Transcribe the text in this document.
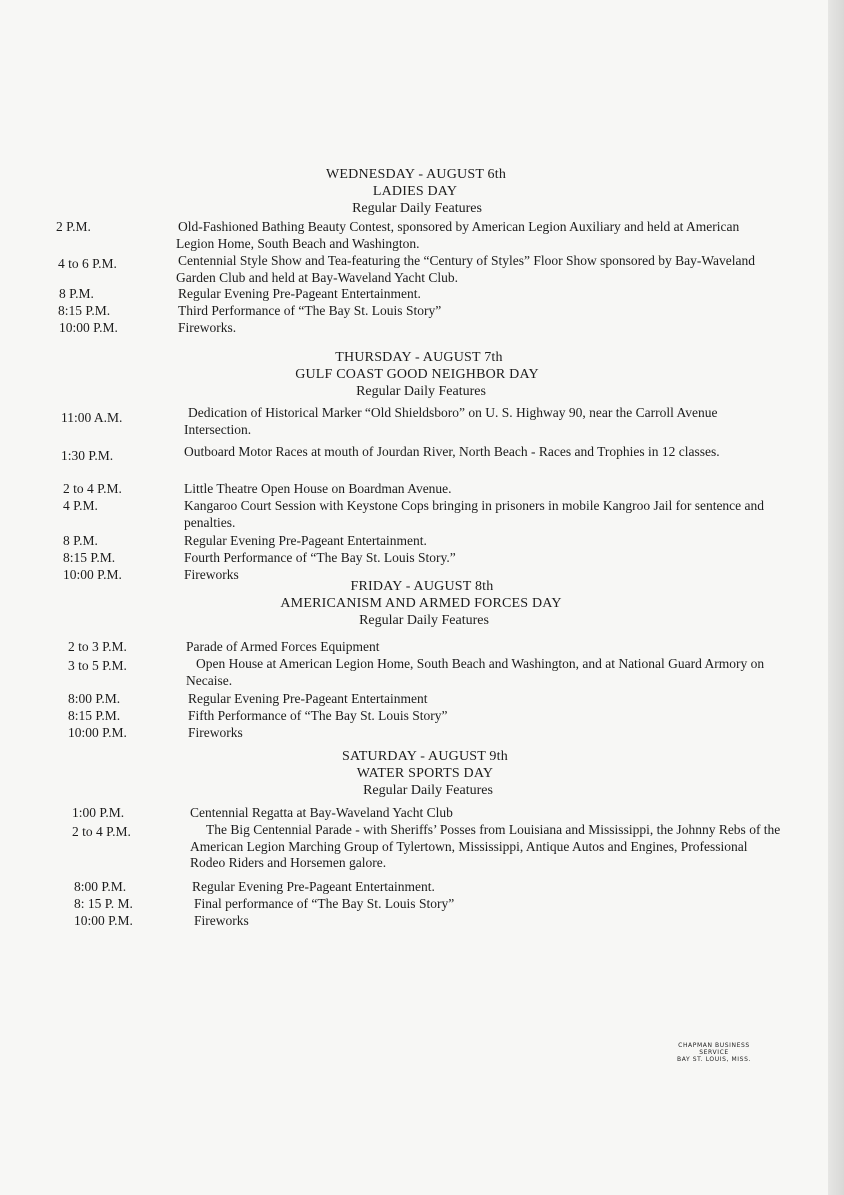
WEDNESDAY - AUGUST 6th
LADIES DAY
Regular Daily Features
2 P.M.	Old-Fashioned Bathing Beauty Contest, sponsored by American Legion Auxiliary and held at American Legion Home, South Beach and Washington.
4 to 6 P.M.	Centennial Style Show and Tea-featuring the “Century of Styles” Floor Show sponsored by Bay-Waveland Garden Club and held at Bay-Waveland Yacht Club.
8 P.M.	Regular Evening Pre-Pageant Entertainment.
8:15 P.M.	Third Performance of “The Bay St. Louis Story”
10:00 P.M.	Fireworks.
THURSDAY - AUGUST 7th
GULF COAST GOOD NEIGHBOR DAY
Regular Daily Features
11:00 A.M.	Dedication of Historical Marker “Old Shieldsboro” on U. S. Highway 90, near the Carroll Avenue Intersection.
1:30 P.M.	Outboard Motor Races at mouth of Jourdan River, North Beach - Races and Trophies in 12 classes.
2 to 4 P.M.	Little Theatre Open House on Boardman Avenue.
4 P.M.	Kangaroo Court Session with Keystone Cops bringing in prisoners in mobile Kangroo Jail for sentence and penalties.
8 P.M.	Regular Evening Pre-Pageant Entertainment.
8:15 P.M.	Fourth Performance of “The Bay St. Louis Story.”
10:00 P.M.	Fireworks
FRIDAY - AUGUST 8th
AMERICANISM AND ARMED FORCES DAY
Regular Daily Features
2 to 3 P.M.	Parade of Armed Forces Equipment
3 to 5 P.M.	Open House at American Legion Home, South Beach and Washington, and at National Guard Armory on Necaise.
8:00 P.M.	Regular Evening Pre-Pageant Entertainment
8:15 P.M.	Fifth Performance of “The Bay St. Louis Story”
10:00 P.M.	Fireworks
SATURDAY - AUGUST 9th
WATER SPORTS DAY
Regular Daily Features
1:00 P.M.	Centennial Regatta at Bay-Waveland Yacht Club
2 to 4 P.M.	The Big Centennial Parade - with Sheriffs’ Posses from Louisiana and Mississippi, the Johnny Rebs of the American Legion Marching Group of Tylertown, Mississippi, Antique Autos and Engines, Professional Rodeo Riders and Horsemen galore.
8:00 P.M.	Regular Evening Pre-Pageant Entertainment.
8: 15 P. M.	Final performance of “The Bay St. Louis Story”
10:00 P.M.	Fireworks
CHAPMAN BUSINESS SERVICE
BAY ST. LOUIS, MISS.
